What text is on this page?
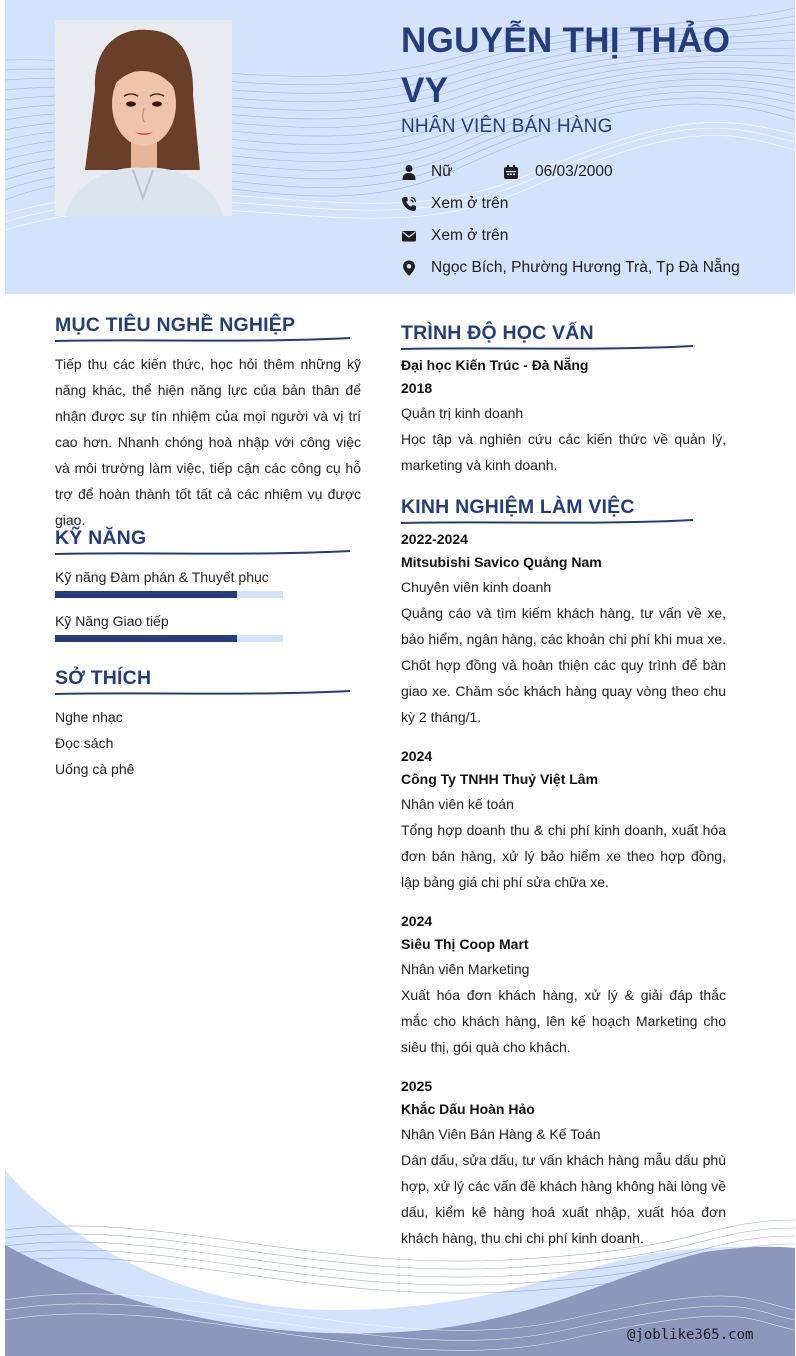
NGUYỄN THỊ THẢO VY
NHÂN VIÊN BÁN HÀNG
Nữ	06/03/2000
Xem ở trên
Xem ở trên
Ngọc Bích, Phường Hương Trà, Tp Đà Nẵng
MỤC TIÊU NGHỀ NGHIỆP
Tiếp thu các kiến thức, học hỏi thêm những kỹ năng khác, thể hiện năng lực của bản thân để nhận được sự tín nhiệm của mọi người và vị trí cao hơn. Nhanh chóng hoà nhập với công việc và môi trường làm việc, tiếp cận các công cụ hỗ trợ để hoàn thành tốt tất cả các nhiệm vụ được giao.
KỸ NĂNG
Kỹ năng Đàm phán & Thuyết phục
Kỹ Năng Giao tiếp
SỞ THÍCH
Nghe nhạc
Đọc sách
Uống cà phê
TRÌNH ĐỘ HỌC VẤN
Đại học Kiến Trúc - Đà Nẵng
2018
Quản trị kinh doanh
Học tập và nghiên cứu các kiến thức về quản lý, marketing và kinh doanh.
KINH NGHIỆM LÀM VIỆC
2022-2024
Mitsubishi Savico Quảng Nam
Chuyên viên kinh doanh
Quảng cáo và tìm kiếm khách hàng, tư vấn về xe, bảo hiểm, ngân hàng, các khoản chi phí khi mua xe. Chốt hợp đồng và hoàn thiện các quy trình để bàn giao xe. Chăm sóc khách hàng quay vòng theo chu kỳ 2 tháng/1.
2024
Công Ty TNHH Thuỷ Việt Lâm
Nhân viên kế toán
Tổng hợp doanh thu & chi phí kinh doanh, xuất hóa đơn bán hàng, xử lý bảo hiểm xe theo hợp đồng, lập bảng giá chi phí sửa chữa xe.
2024
Siêu Thị Coop Mart
Nhân viên Marketing
Xuất hóa đơn khách hàng, xử lý & giải đáp thắc mắc cho khách hàng, lên kế hoạch Marketing cho siêu thị, gói quà cho khách.
2025
Khắc Dấu Hoàn Hảo
Nhân Viên Bán Hàng & Kế Toán
Dán dấu, sửa dấu, tư vấn khách hàng mẫu dấu phù hợp, xử lý các vấn đề khách hàng không hài lòng về dấu, kiểm kê hàng hoá xuất nhập, xuất hóa đơn khách hàng, thu chi chi phí kinh doanh.
@joblike365.com
